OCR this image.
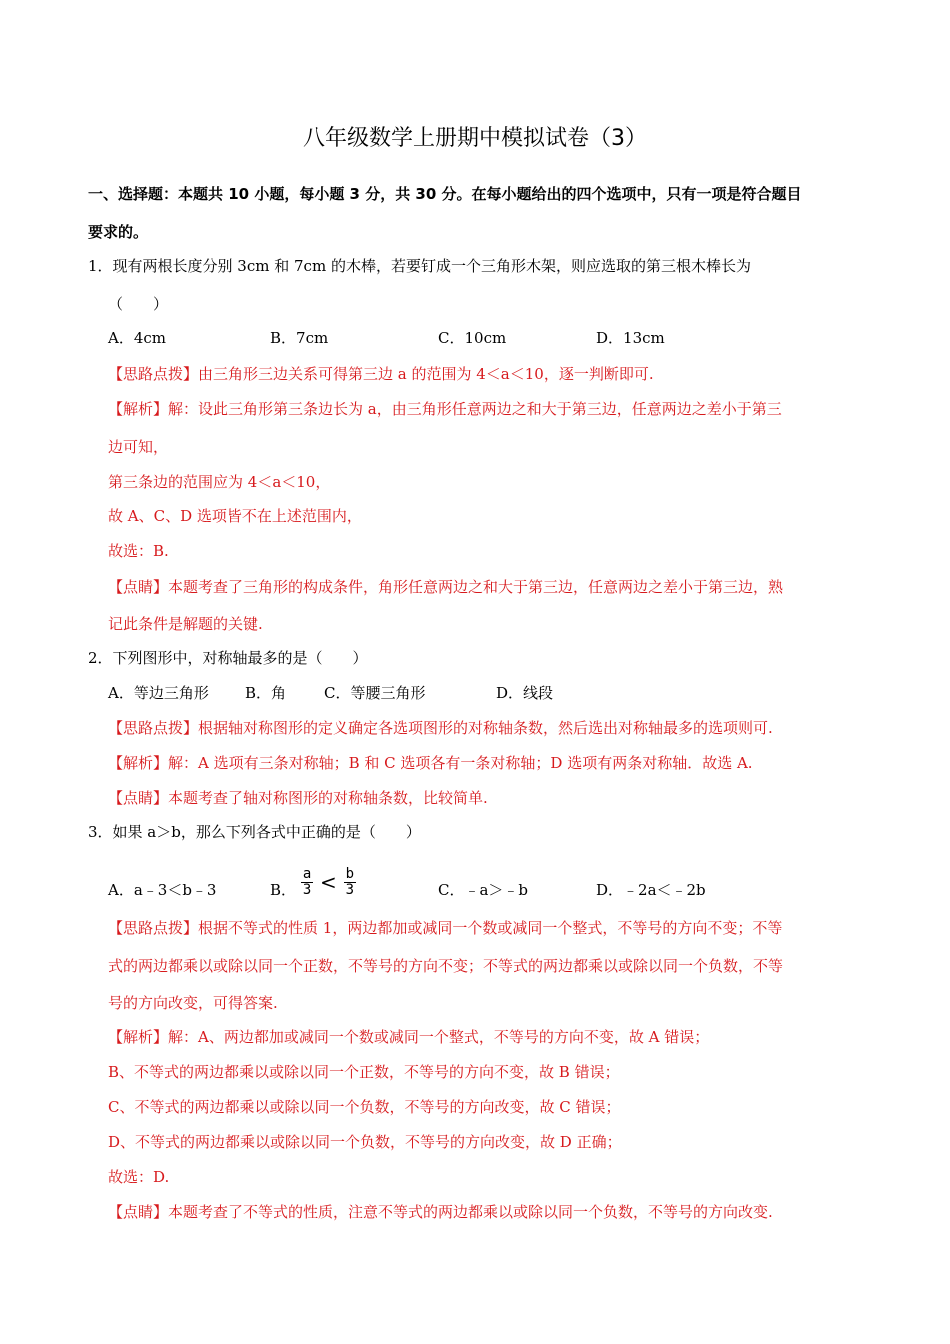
八年级数学上册期中模拟试卷（3）
一、选择题：本题共 10 小题，每小题 3 分，共 30 分。在每小题给出的四个选项中，只有一项是符合题目
要求的。
1．现有两根长度分别 3cm 和 7cm 的木棒，若要钉成一个三角形木架，则应选取的第三根木棒长为
（　　）
A．4cm	B．7cm	C．10cm	D．13cm
【思路点拨】由三角形三边关系可得第三边 a 的范围为 4＜a＜10，逐一判断即可.
【解析】解：设此三角形第三条边长为 a，由三角形任意两边之和大于第三边，任意两边之差小于第三
边可知，
第三条边的范围应为 4＜a＜10，
故 A、C、D 选项皆不在上述范围内，
故选：B.
【点睛】本题考查了三角形的构成条件，角形任意两边之和大于第三边，任意两边之差小于第三边，熟
记此条件是解题的关键.
2．下列图形中，对称轴最多的是（　　）
A．等边三角形 B．角	C．等腰三角形	D．线段
【思路点拨】根据轴对称图形的定义确定各选项图形的对称轴条数，然后选出对称轴最多的选项则可.
【解析】解：A 选项有三条对称轴；B 和 C 选项各有一条对称轴；D 选项有两条对称轴．故选 A.
【点睛】本题考查了轴对称图形的对称轴条数，比较简单.
3．如果 a＞b，那么下列各式中正确的是（　　）
A．a﹣3＜b﹣3	B． $\frac{a}{3} < \frac{b}{3}$	C．﹣a＞﹣b	D．﹣2a＜﹣2b
【思路点拨】根据不等式的性质 1，两边都加或减同一个数或减同一个整式，不等号的方向不变；不等
式的两边都乘以或除以同一个正数，不等号的方向不变；不等式的两边都乘以或除以同一个负数，不等
号的方向改变，可得答案.
【解析】解：A、两边都加或减同一个数或减同一个整式，不等号的方向不变，故 A 错误；
B、不等式的两边都乘以或除以同一个正数，不等号的方向不变，故 B 错误；
C、不等式的两边都乘以或除以同一个负数，不等号的方向改变，故 C 错误；
D、不等式的两边都乘以或除以同一个负数，不等号的方向改变，故 D 正确；
故选：D.
【点睛】本题考查了不等式的性质，注意不等式的两边都乘以或除以同一个负数，不等号的方向改变.
